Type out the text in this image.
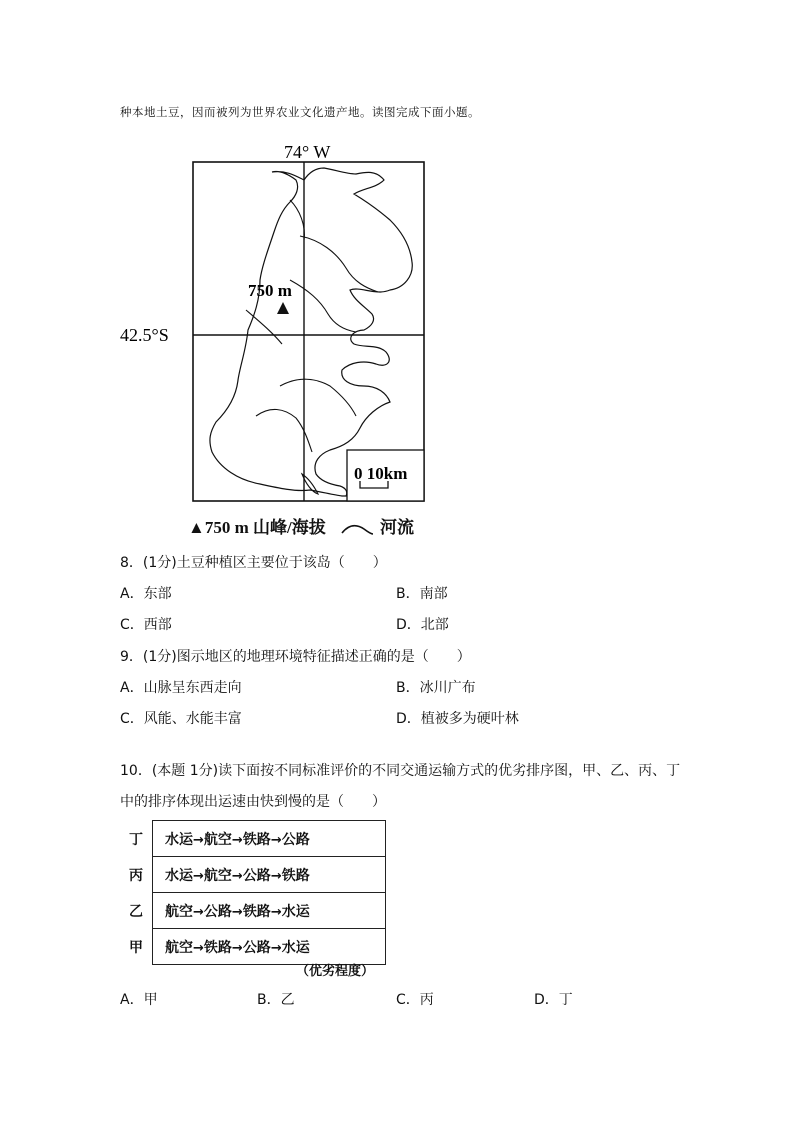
种本地土豆，因而被列为世界农业文化遗产地。读图完成下面小题。
74° W
750 m
42.5°S
0 10km
▲750 m 山峰/海拔	河流
8．(1分)土豆种植区主要位于该岛（　　）
A．东部	B．南部
C．西部	D．北部
9．(1分)图示地区的地理环境特征描述正确的是（　　）
A．山脉呈东西走向	B．冰川广布
C．风能、水能丰富	D．植被多为硬叶林
10．(本题 1分)读下面按不同标准评价的不同交通运输方式的优劣排序图，甲、乙、丙、丁
中的排序体现出运速由快到慢的是（　　）
丁	水运→航空→铁路→公路
丙	水运→航空→公路→铁路
乙	航空→公路→铁路→水运
甲	航空→铁路→公路→水运
（优劣程度）
A．甲	B．乙	C．丙	D．丁
